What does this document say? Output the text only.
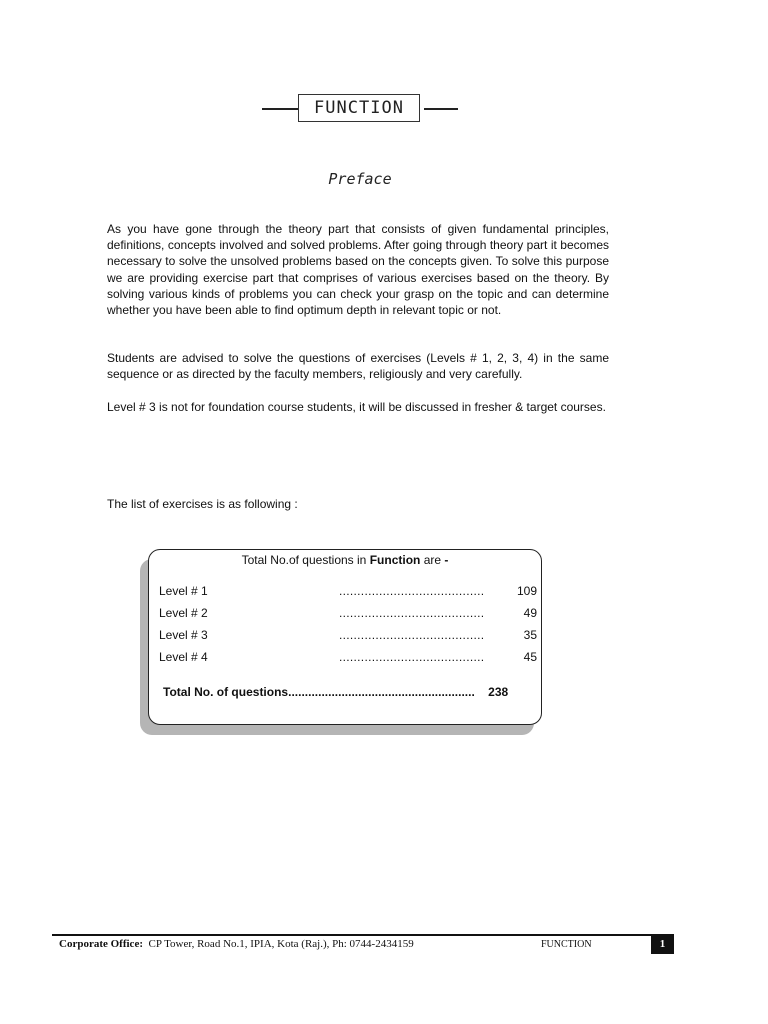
FUNCTION
Preface

As you have gone through the theory part that consists of given fundamental principles, definitions, concepts involved and solved problems. After going through theory part it becomes necessary to solve the unsolved problems based on the concepts given. To solve this purpose we are providing exercise part that comprises of various exercises based on the theory. By solving various kinds of problems you can check your grasp on the topic and can determine whether you have been able to find optimum depth in relevant topic or not.

Students are advised to solve the questions of exercises (Levels # 1, 2, 3, 4) in the same sequence or as directed by the faculty members, religiously and very carefully.

Level # 3 is not for foundation course students, it will be discussed in fresher & target courses.

The list of exercises is as following :

Total No.of questions in Function are -
Level # 1	........................................	109
Level # 2	........................................	49
Level # 3	........................................	35
Level # 4	........................................	45
Total No. of questions........................................................ 238
Corporate Office: CP Tower, Road No.1, IPIA, Kota (Raj.), Ph: 0744-2434159	FUNCTION	1
